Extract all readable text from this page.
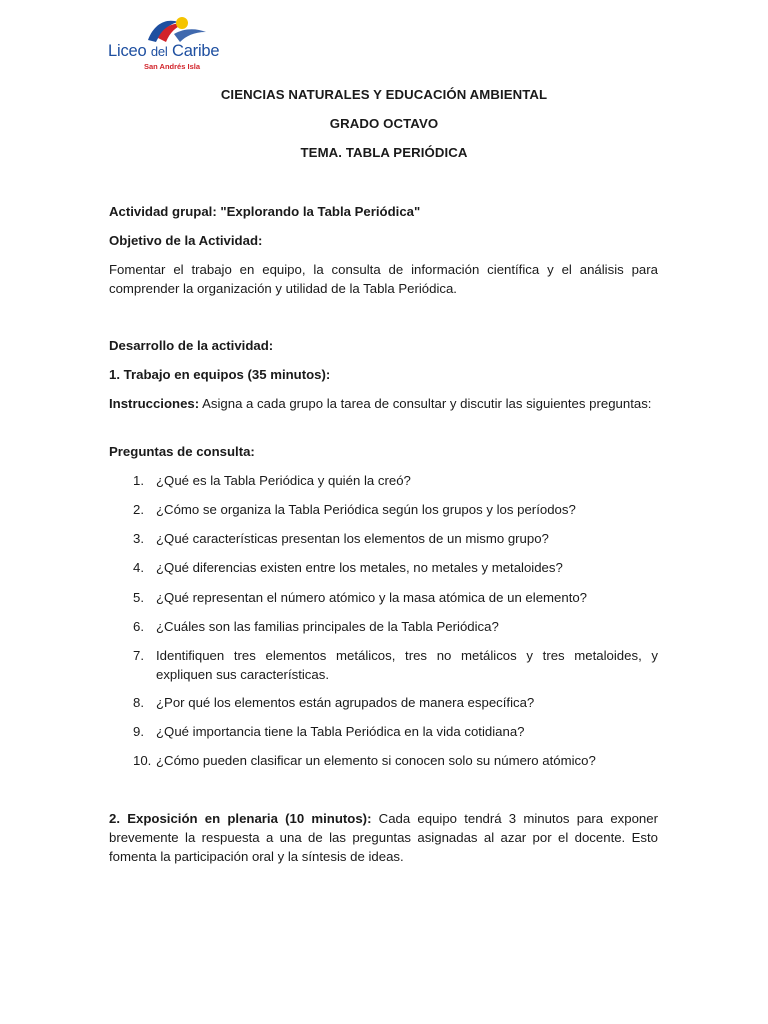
Liceo del Caribe
San Andrés Isla
CIENCIAS NATURALES Y EDUCACIÓN AMBIENTAL
GRADO OCTAVO
TEMA. TABLA PERIÓDICA
Actividad grupal: "Explorando la Tabla Periódica"
Objetivo de la Actividad:
Fomentar el trabajo en equipo, la consulta de información científica y el análisis para comprender la organización y utilidad de la Tabla Periódica.
Desarrollo de la actividad:
1. Trabajo en equipos (35 minutos):
Instrucciones: Asigna a cada grupo la tarea de consultar y discutir las siguientes preguntas:
Preguntas de consulta:
1. ¿Qué es la Tabla Periódica y quién la creó?
2. ¿Cómo se organiza la Tabla Periódica según los grupos y los períodos?
3. ¿Qué características presentan los elementos de un mismo grupo?
4. ¿Qué diferencias existen entre los metales, no metales y metaloides?
5. ¿Qué representan el número atómico y la masa atómica de un elemento?
6. ¿Cuáles son las familias principales de la Tabla Periódica?
7. Identifiquen tres elementos metálicos, tres no metálicos y tres metaloides, y expliquen sus características.
8. ¿Por qué los elementos están agrupados de manera específica?
9. ¿Qué importancia tiene la Tabla Periódica en la vida cotidiana?
10. ¿Cómo pueden clasificar un elemento si conocen solo su número atómico?
2. Exposición en plenaria (10 minutos): Cada equipo tendrá 3 minutos para exponer brevemente la respuesta a una de las preguntas asignadas al azar por el docente. Esto fomenta la participación oral y la síntesis de ideas.
